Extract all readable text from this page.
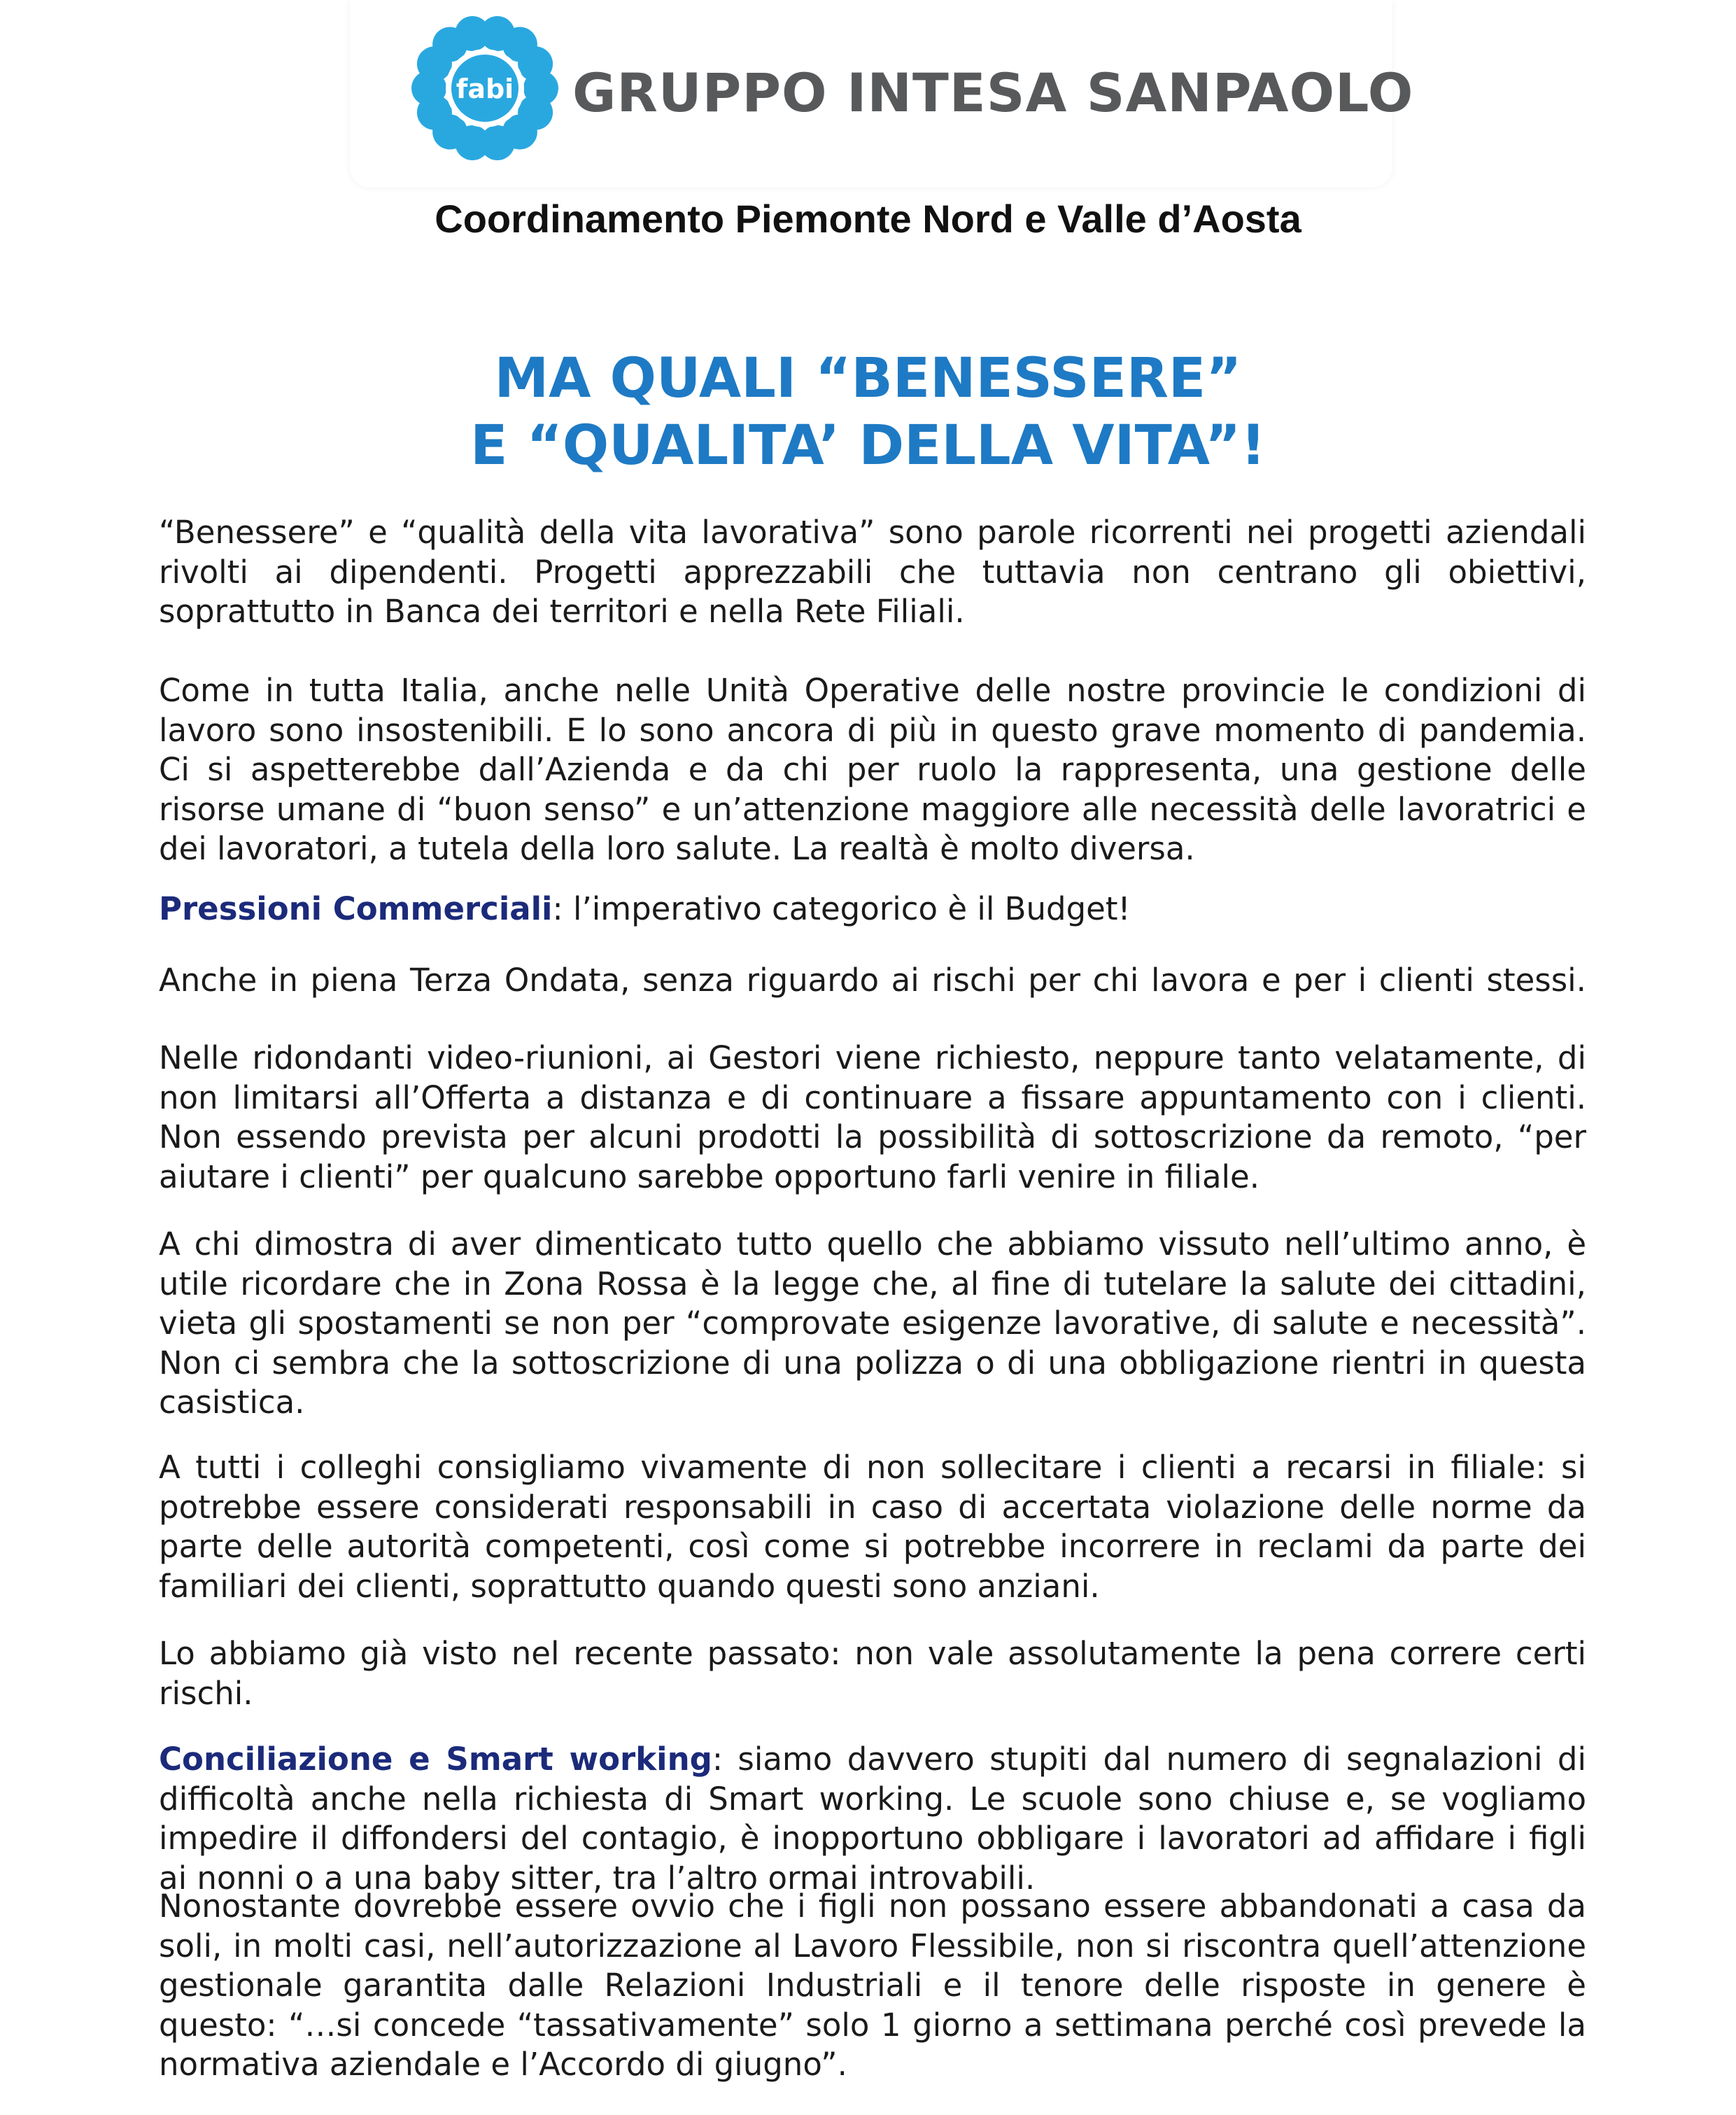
fabi GRUPPO INTESA SANPAOLO
Coordinamento Piemonte Nord e Valle d’Aosta
MA QUALI “BENESSERE”
E “QUALITA’ DELLA VITA”!

“Benessere” e “qualità della vita lavorativa” sono parole ricorrenti nei progetti aziendali rivolti ai dipendenti. Progetti apprezzabili che tuttavia non centrano gli obiettivi, soprattutto in Banca dei territori e nella Rete Filiali.

Come in tutta Italia, anche nelle Unità Operative delle nostre provincie le condizioni di lavoro sono insostenibili. E lo sono ancora di più in questo grave momento di pandemia. Ci si aspetterebbe dall’Azienda e da chi per ruolo la rappresenta, una gestione delle risorse umane di “buon senso” e un’attenzione maggiore alle necessità delle lavoratrici e dei lavoratori, a tutela della loro salute. La realtà è molto diversa.

Pressioni Commerciali: l’imperativo categorico è il Budget!

Anche in piena Terza Ondata, senza riguardo ai rischi per chi lavora e per i clienti stessi.

Nelle ridondanti video-riunioni, ai Gestori viene richiesto, neppure tanto velatamente, di non limitarsi all’Offerta a distanza e di continuare a fissare appuntamento con i clienti. Non essendo prevista per alcuni prodotti la possibilità di sottoscrizione da remoto, “per aiutare i clienti” per qualcuno sarebbe opportuno farli venire in filiale.

A chi dimostra di aver dimenticato tutto quello che abbiamo vissuto nell’ultimo anno, è utile ricordare che in Zona Rossa è la legge che, al fine di tutelare la salute dei cittadini, vieta gli spostamenti se non per “comprovate esigenze lavorative, di salute e necessità”. Non ci sembra che la sottoscrizione di una polizza o di una obbligazione rientri in questa casistica.

A tutti i colleghi consigliamo vivamente di non sollecitare i clienti a recarsi in filiale: si potrebbe essere considerati responsabili in caso di accertata violazione delle norme da parte delle autorità competenti, così come si potrebbe incorrere in reclami da parte dei familiari dei clienti, soprattutto quando questi sono anziani.

Lo abbiamo già visto nel recente passato: non vale assolutamente la pena correre certi rischi.

Conciliazione e Smart working: siamo davvero stupiti dal numero di segnalazioni di difficoltà anche nella richiesta di Smart working. Le scuole sono chiuse e, se vogliamo impedire il diffondersi del contagio, è inopportuno obbligare i lavoratori ad affidare i figli ai nonni o a una baby sitter, tra l’altro ormai introvabili.

Nonostante dovrebbe essere ovvio che i figli non possano essere abbandonati a casa da soli, in molti casi, nell’autorizzazione al Lavoro Flessibile, non si riscontra quell’attenzione gestionale garantita dalle Relazioni Industriali e il tenore delle risposte in genere è questo: “…si concede “tassativamente” solo 1 giorno a settimana perché così prevede la normativa aziendale e l’Accordo di giugno”.
